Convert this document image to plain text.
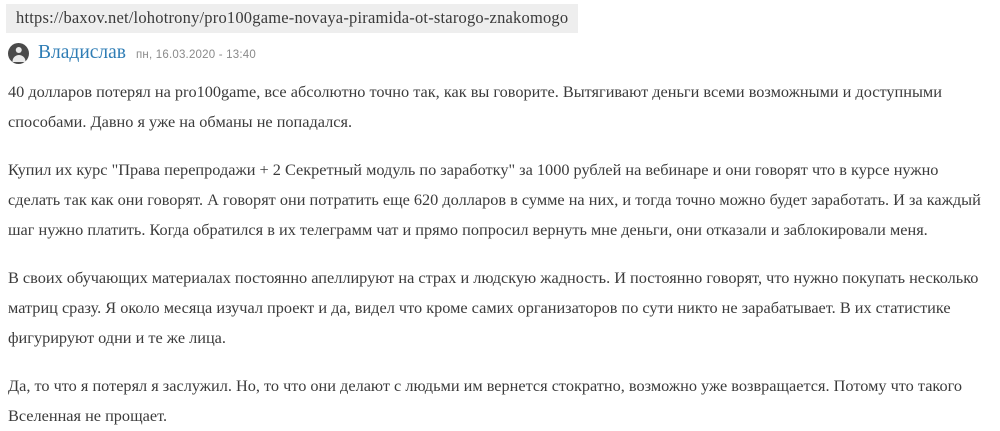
https://baxov.net/lohotrony/pro100game-novaya-piramida-ot-starogo-znakomogo
Владислав пн, 16.03.2020 - 13:40

40 долларов потерял на pro100game, все абсолютно точно так, как вы говорите. Вытягивают деньги всеми возможными и доступными способами. Давно я уже на обманы не попадался.

Купил их курс "Права перепродажи + 2 Секретный модуль по заработку" за 1000 рублей на вебинаре и они говорят что в курсе нужно сделать так как они говорят. А говорят они потратить еще 620 долларов в сумме на них, и тогда точно можно будет заработать. И за каждый шаг нужно платить. Когда обратился в их телеграмм чат и прямо попросил вернуть мне деньги, они отказали и заблокировали меня.

В своих обучающих материалах постоянно апеллируют на страх и людскую жадность. И постоянно говорят, что нужно покупать несколько матриц сразу. Я около месяца изучал проект и да, видел что кроме самих организаторов по сути никто не зарабатывает. В их статистике фигурируют одни и те же лица.

Да, то что я потерял я заслужил. Но, то что они делают с людьми им вернется стократно, возможно уже возвращается. Потому что такого Вселенная не прощает.
